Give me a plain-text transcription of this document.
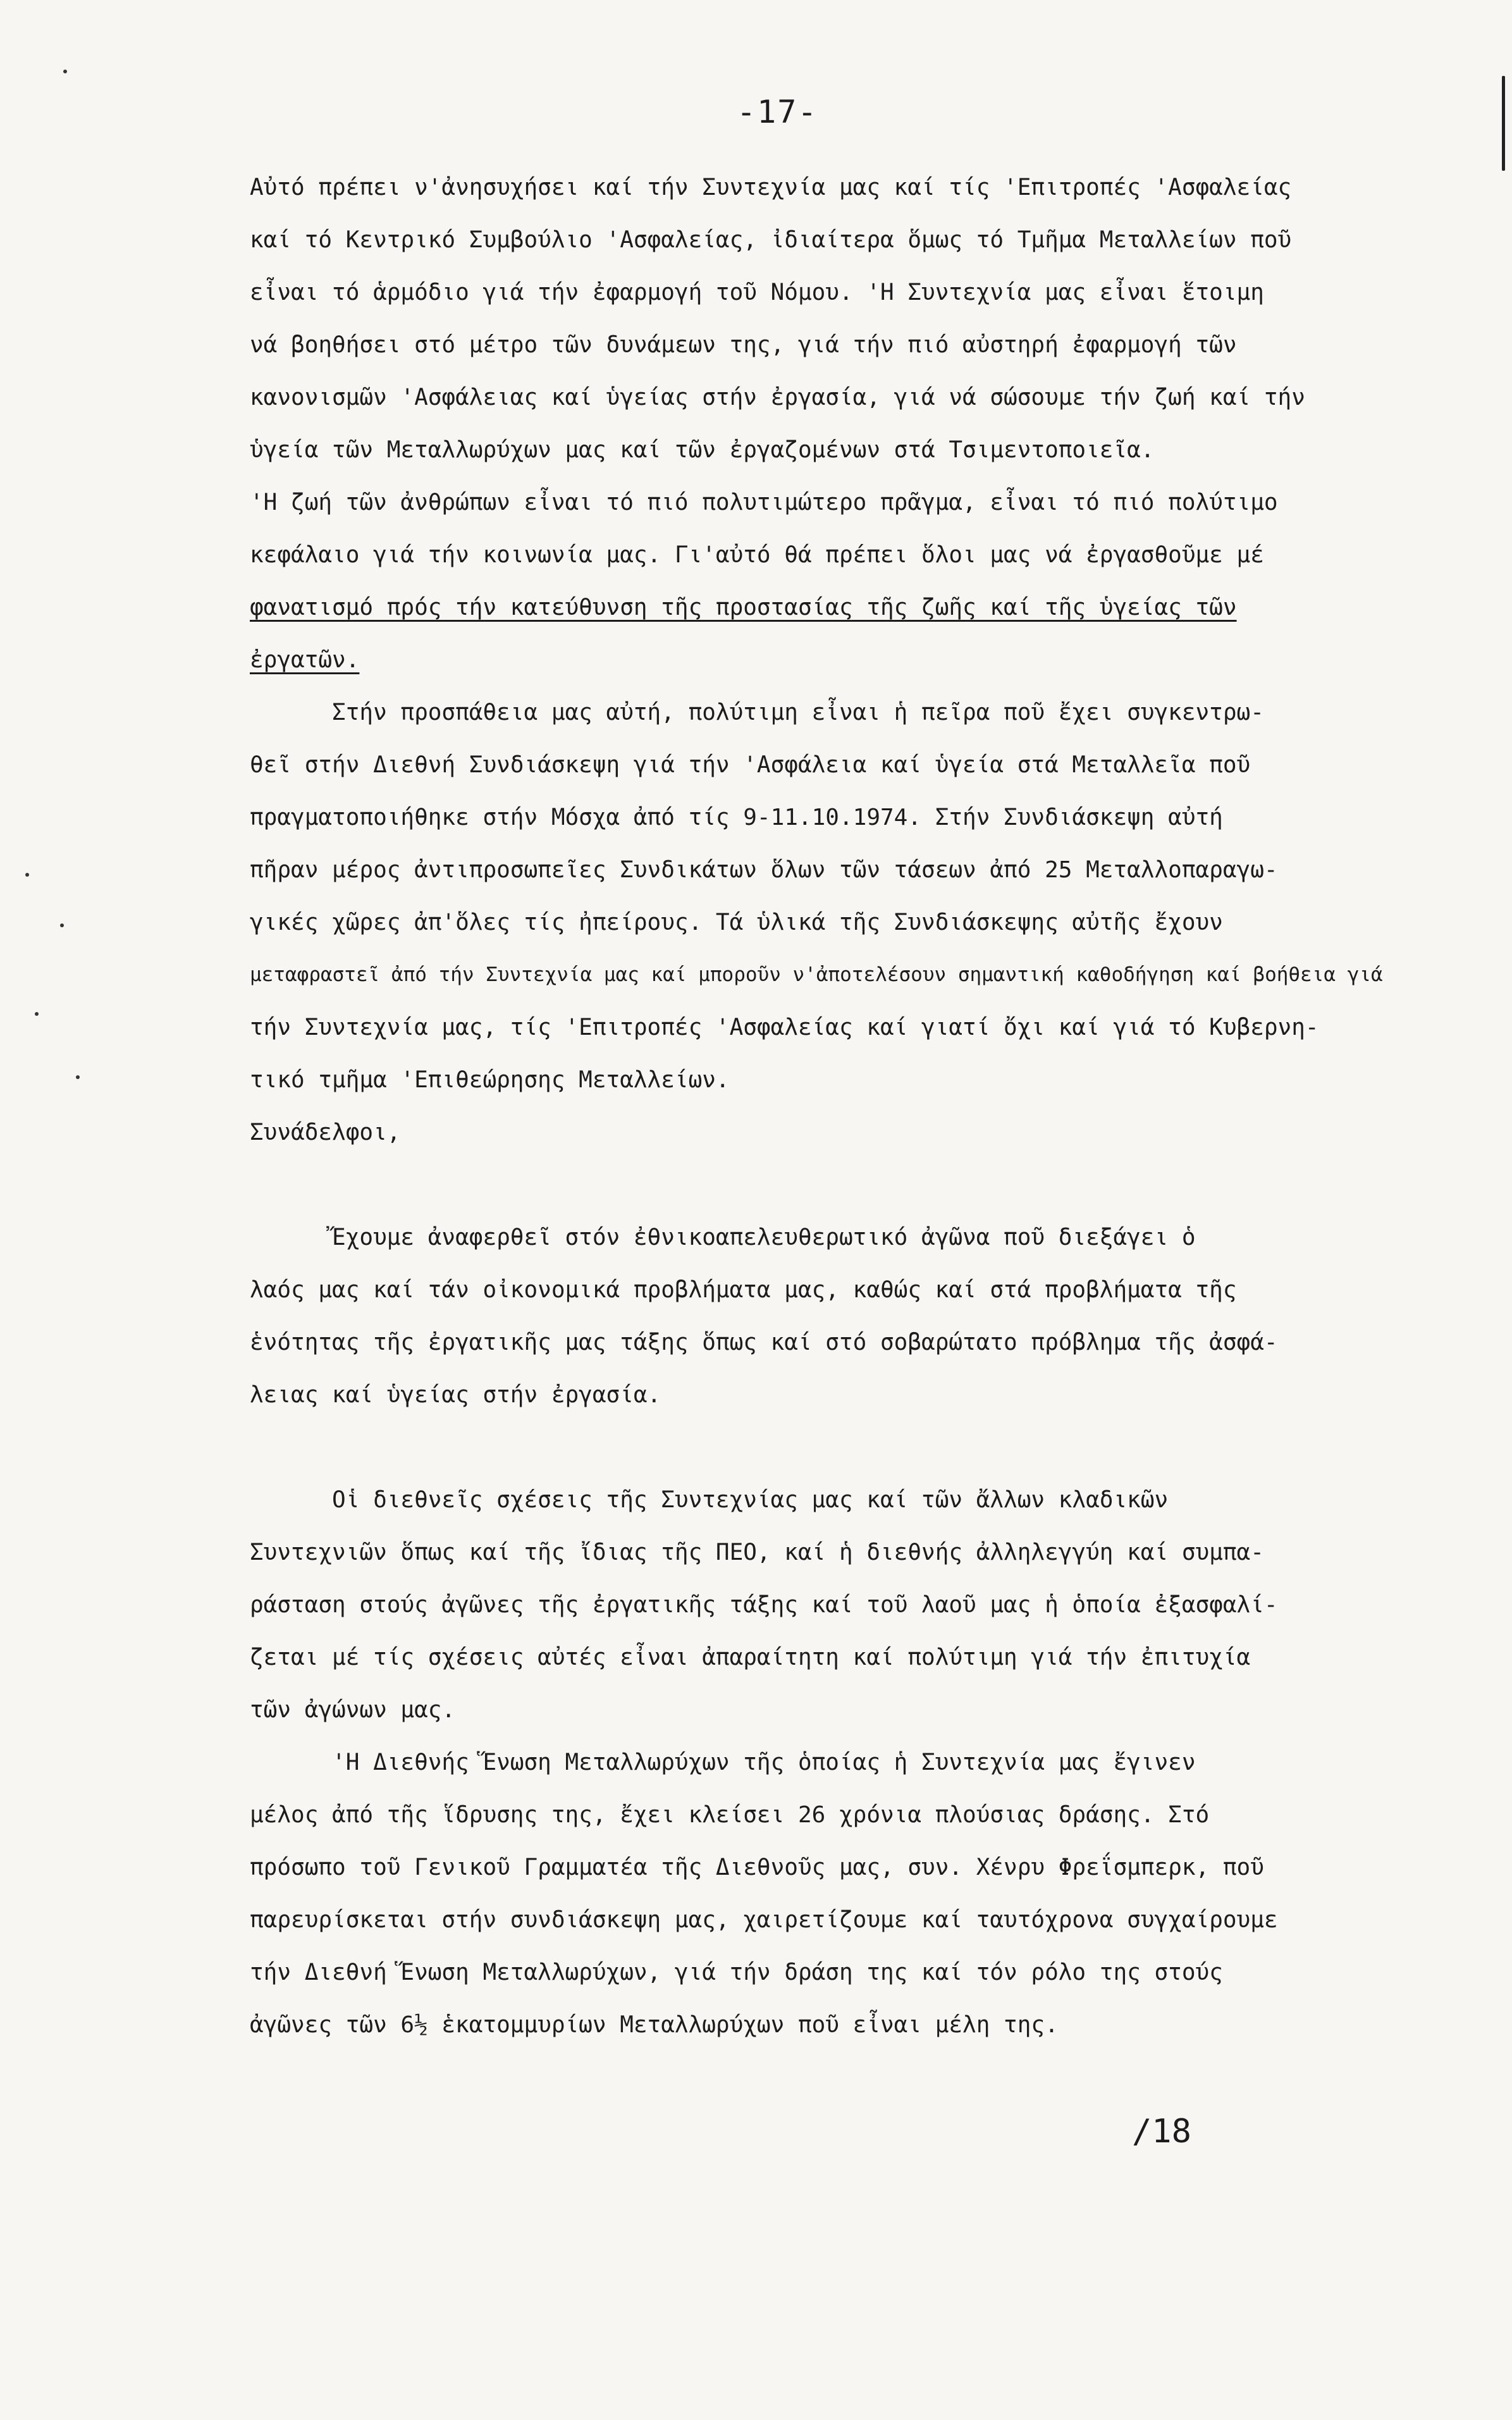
-17-
Αὐτό πρέπει ν'ἀνησυχήσει καί τήν Συντεχνία μας καί τίς 'Επιτροπές 'Ασφαλείας
καί τό Κεντρικό Συμβούλιο 'Ασφαλείας, ἰδιαίτερα ὅμως τό Τμῆμα Μεταλλείων ποῦ
εἶναι τό ἁρμόδιο γιά τήν ἐφαρμογή τοῦ Νόμου. 'Η Συντεχνία μας εἶναι ἕτοιμη
νά βοηθήσει στό μέτρο τῶν δυνάμεων της, γιά τήν πιό αὐστηρή ἐφαρμογή τῶν
κανονισμῶν 'Ασφάλειας καί ὑγείας στήν ἐργασία, γιά νά σώσουμε τήν ζωή καί τήν
ὑγεία τῶν Μεταλλωρύχων μας καί τῶν ἐργαζομένων στά Τσιμεντοποιεῖα.
'Η ζωή τῶν ἀνθρώπων εἶναι τό πιό πολυτιμώτερο πρᾶγμα, εἶναι τό πιό πολύτιμο
κεφάλαιο γιά τήν κοινωνία μας. Γι'αὐτό θά πρέπει ὅλοι μας νά ἐργασθοῦμε μέ
φανατισμό πρός τήν κατεύθυνση τῆς προστασίας τῆς ζωῆς καί τῆς ὑγείας τῶν
ἐργατῶν.
Στήν προσπάθεια μας αὐτή, πολύτιμη εἶναι ἡ πεῖρα ποῦ ἔχει συγκεντρω-
θεῖ στήν Διεθνή Συνδιάσκεψη γιά τήν 'Ασφάλεια καί ὑγεία στά Μεταλλεῖα ποῦ
πραγματοποιήθηκε στήν Μόσχα ἀπό τίς 9-11.10.1974. Στήν Συνδιάσκεψη αὐτή
πῆραν μέρος ἀντιπροσωπεῖες Συνδικάτων ὅλων τῶν τάσεων ἀπό 25 Μεταλλοπαραγω-
γικές χῶρες ἀπ'ὅλες τίς ἠπείρους. Τά ὑλικά τῆς Συνδιάσκεψης αὐτῆς ἔχουν
μεταφραστεῖ ἀπό τήν Συντεχνία μας καί μποροῦν ν'ἀποτελέσουν σημαντική καθοδήγηση καί βοήθεια γιά
τήν Συντεχνία μας, τίς 'Επιτροπές 'Ασφαλείας καί γιατί ὄχι καί γιά τό Κυβερνη-
τικό τμῆμα 'Επιθεώρησης Μεταλλείων.
Συνάδελφοι,
Ἔχουμε ἀναφερθεῖ στόν ἐθνικοαπελευθερωτικό ἀγῶνα ποῦ διεξάγει ὁ
λαός μας καί τάν οἰκονομικά προβλήματα μας, καθώς καί στά προβλήματα τῆς
ἑνότητας τῆς ἐργατικῆς μας τάξης ὅπως καί στό σοβαρώτατο πρόβλημα τῆς ἀσφά-
λειας καί ὑγείας στήν ἐργασία.
Οἱ διεθνεῖς σχέσεις τῆς Συντεχνίας μας καί τῶν ἄλλων κλαδικῶν
Συντεχνιῶν ὅπως καί τῆς ἴδιας τῆς ΠΕΟ, καί ἡ διεθνής ἀλληλεγγύη καί συμπα-
ράσταση στούς ἀγῶνες τῆς ἐργατικῆς τάξης καί τοῦ λαοῦ μας ἡ ὁποία ἐξασφαλί-
ζεται μέ τίς σχέσεις αὐτές εἶναι ἀπαραίτητη καί πολύτιμη γιά τήν ἐπιτυχία
τῶν ἀγώνων μας.
'Η Διεθνής Ἕνωση Μεταλλωρύχων τῆς ὁποίας ἡ Συντεχνία μας ἔγινεν
μέλος ἀπό τῆς ἵδρυσης της, ἔχει κλείσει 26 χρόνια πλούσιας δράσης. Στό
πρόσωπο τοῦ Γενικοῦ Γραμματέα τῆς Διεθνοῦς μας, συν. Χένρυ Φρεΐσμπερκ, ποῦ
παρευρίσκεται στήν συνδιάσκεψη μας, χαιρετίζουμε καί ταυτόχρονα συγχαίρουμε
τήν Διεθνή Ἕνωση Μεταλλωρύχων, γιά τήν δράση της καί τόν ρόλο της στούς
ἀγῶνες τῶν 6½ ἑκατομμυρίων Μεταλλωρύχων ποῦ εἶναι μέλη της.
/18
